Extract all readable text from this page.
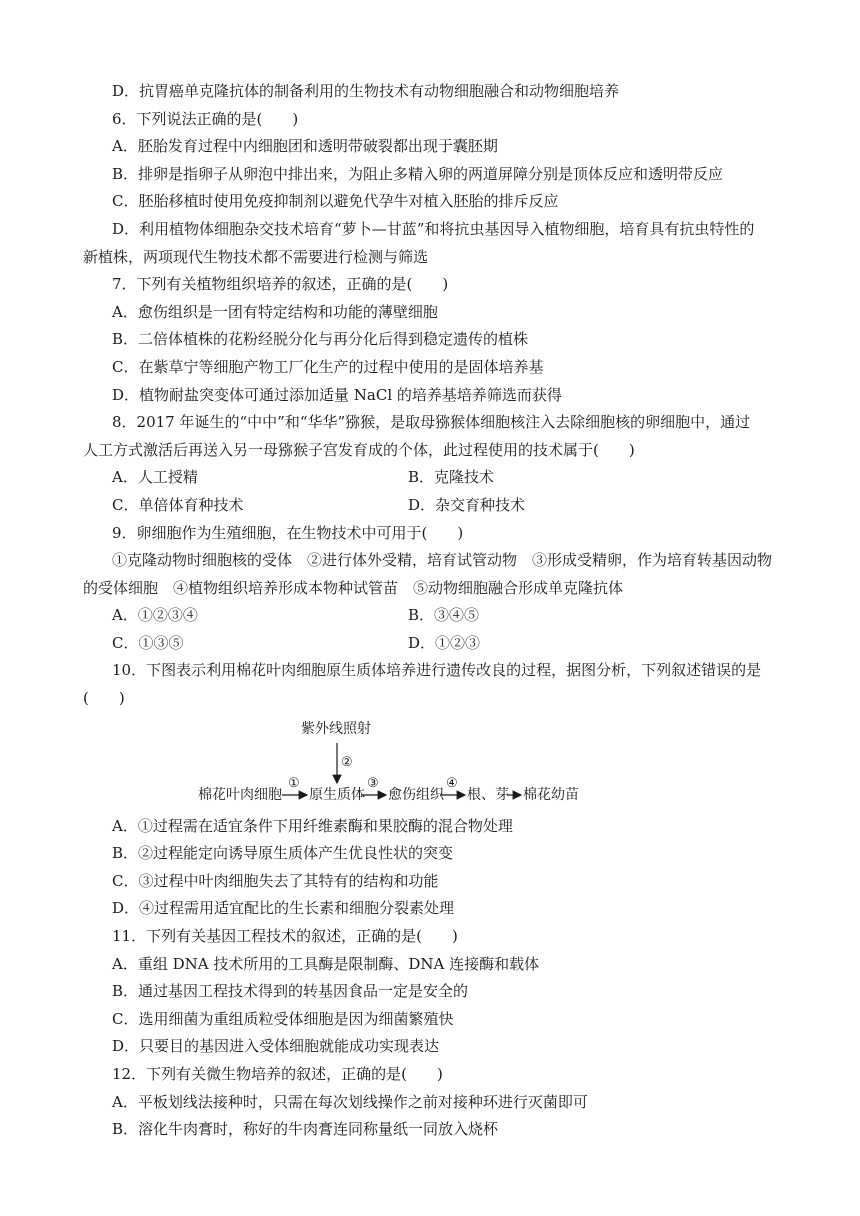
D．抗胃癌单克隆抗体的制备利用的生物技术有动物细胞融合和动物细胞培养
6．下列说法正确的是(　　)
A．胚胎发育过程中内细胞团和透明带破裂都出现于囊胚期
B．排卵是指卵子从卵泡中排出来，为阻止多精入卵的两道屏障分别是顶体反应和透明带反应
C．胚胎移植时使用免疫抑制剂以避免代孕牛对植入胚胎的排斥反应
D．利用植物体细胞杂交技术培育“萝卜—甘蓝”和将抗虫基因导入植物细胞，培育具有抗虫特性的
新植株，两项现代生物技术都不需要进行检测与筛选
7．下列有关植物组织培养的叙述，正确的是(　　)
A．愈伤组织是一团有特定结构和功能的薄壁细胞
B．二倍体植株的花粉经脱分化与再分化后得到稳定遗传的植株
C．在紫草宁等细胞产物工厂化生产的过程中使用的是固体培养基
D．植物耐盐突变体可通过添加适量 NaCl 的培养基培养筛选而获得
8．2017 年诞生的“中中”和“华华”猕猴，是取母猕猴体细胞核注入去除细胞核的卵细胞中，通过
人工方式激活后再送入另一母猕猴子宫发育成的个体，此过程使用的技术属于(　　)
A．人工授精	B．克隆技术
C．单倍体育种技术	D．杂交育种技术
9．卵细胞作为生殖细胞，在生物技术中可用于(　　)
①克隆动物时细胞核的受体　②进行体外受精，培育试管动物　③形成受精卵，作为培育转基因动物
的受体细胞　④植物组织培养形成本物种试管苗　⑤动物细胞融合形成单克隆抗体
A．①②③④	B．③④⑤
C．①③⑤	D．①②③
10．下图表示利用棉花叶肉细胞原生质体培养进行遗传改良的过程，据图分析，下列叙述错误的是
(　　)
紫外线照射
②
①	③	④
棉花叶肉细胞 原生质体 愈伤组织 根、芽 棉花幼苗
A．①过程需在适宜条件下用纤维素酶和果胶酶的混合物处理
B．②过程能定向诱导原生质体产生优良性状的突变
C．③过程中叶肉细胞失去了其特有的结构和功能
D．④过程需用适宜配比的生长素和细胞分裂素处理
11．下列有关基因工程技术的叙述，正确的是(　　)
A．重组 DNA 技术所用的工具酶是限制酶、DNA 连接酶和载体
B．通过基因工程技术得到的转基因食品一定是安全的
C．选用细菌为重组质粒受体细胞是因为细菌繁殖快
D．只要目的基因进入受体细胞就能成功实现表达
12．下列有关微生物培养的叙述，正确的是(　　)
A．平板划线法接种时，只需在每次划线操作之前对接种环进行灭菌即可
B．溶化牛肉膏时，称好的牛肉膏连同称量纸一同放入烧杯
